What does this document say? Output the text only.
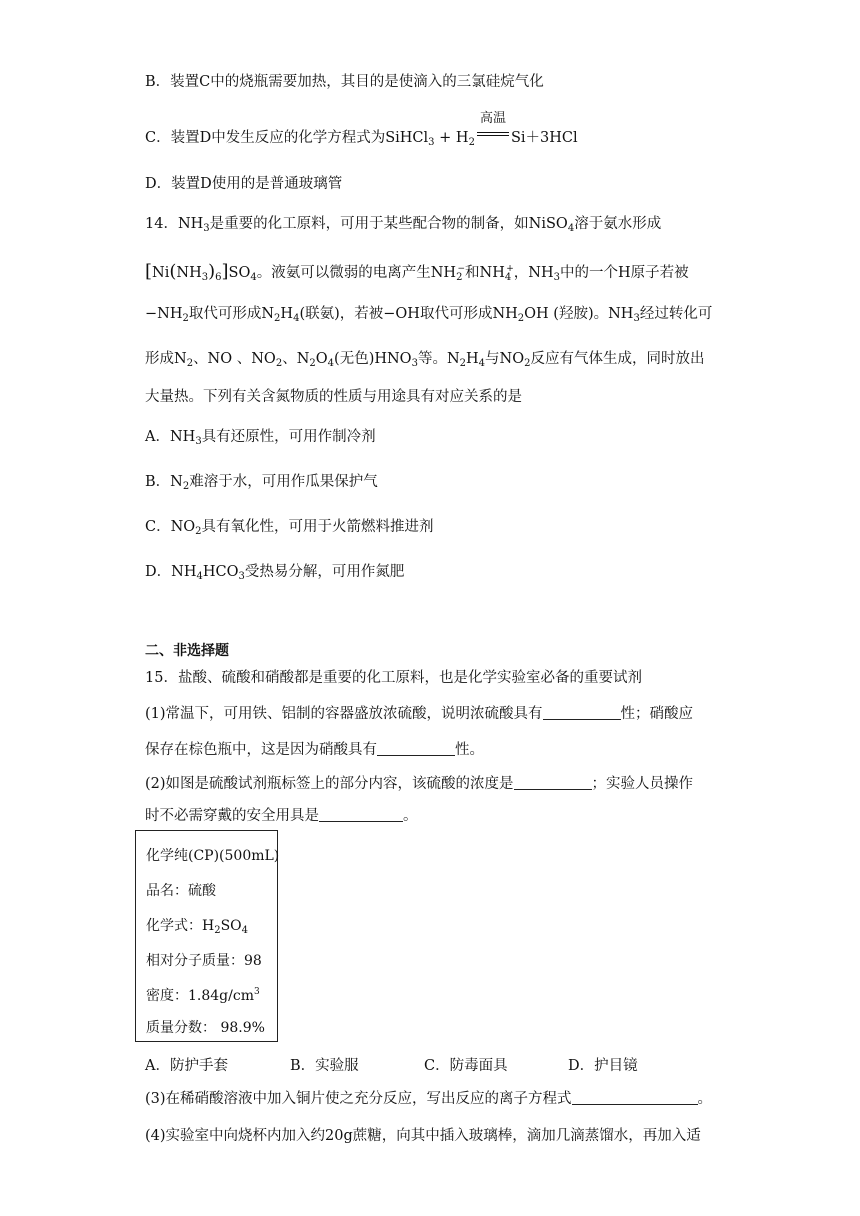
B．装置C中的烧瓶需要加热，其目的是使滴入的三氯硅烷气化
C．装置D中发生反应的化学方程式为SiHCl$_3$ + $H_2$
高温
Si＋3HCl
D．装置D使用的是普通玻璃管
14．$NH_3$是重要的化工原料，可用于某些配合物的制备，如NiSO$_4$溶于氨水形成
$[Ni(NH_3)_6]SO_4$。液氨可以微弱的电离产生$NH_2^-$和$NH_4^+$，$NH_3$中的一个H原子若被
$-NH_2$取代可形成$N_2H_4$(联氨)，若被−OH取代可形成$NH_2OH$ (羟胺)。$NH_3$经过转化可
形成$N_2$、NO 、$NO_2$、$N_2O_4$(无色)$HNO_3$等。$N_2H_4$与$NO_2$反应有气体生成，同时放出
大量热。下列有关含氮物质的性质与用途具有对应关系的是
A．$NH_3$具有还原性，可用作制冷剂
B．$N_2$难溶于水，可用作瓜果保护气
C．$NO_2$具有氧化性，可用于火箭燃料推进剂
D．$NH_4HCO_3$受热易分解，可用作氮肥
二、非选择题
15．盐酸、硫酸和硝酸都是重要的化工原料，也是化学实验室必备的重要试剂
(1)常温下，可用铁、铝制的容器盛放浓硫酸，说明浓硫酸具有	性；硝酸应
保存在棕色瓶中，这是因为硝酸具有	性。
(2)如图是硫酸试剂瓶标签上的部分内容，该硫酸的浓度是	；实验人员操作
时不必需穿戴的安全用具是	。
化学纯(CP)(500mL)
品名：硫酸
化学式：$H_2SO_4$
相对分子质量：98
密度：$1.84g/cm^3$
质量分数： 98.9%
A．防护手套	B．实验服	C．防毒面具	D．护目镜
(3)在稀硝酸溶液中加入铜片使之充分反应，写出反应的离子方程式	。
(4)实验室中向烧杯内加入约20g蔗糖，向其中插入玻璃棒，滴加几滴蒸馏水，再加入适
